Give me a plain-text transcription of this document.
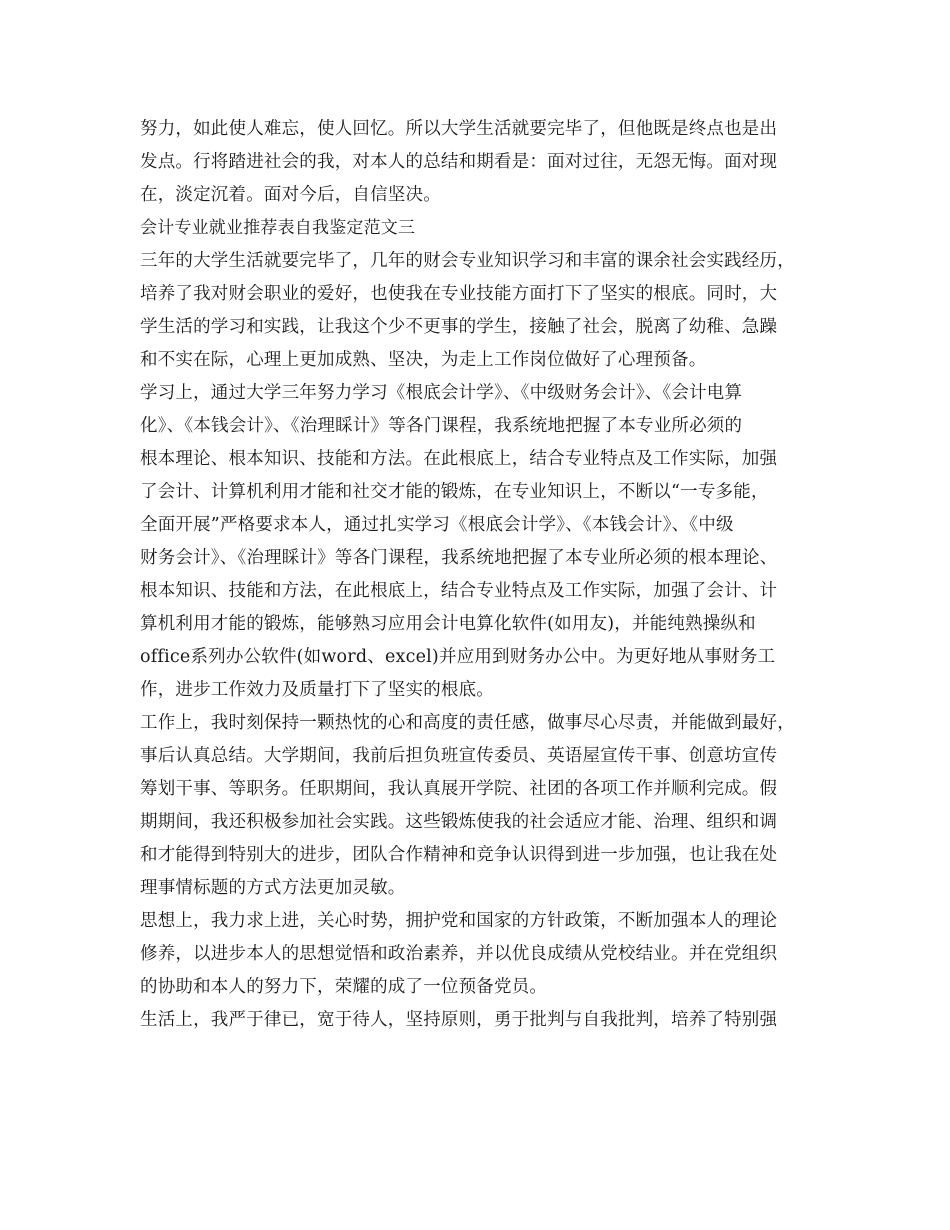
努力，如此使人难忘，使人回忆。所以大学生活就要完毕了，但他既是终点也是出
发点。行将踏进社会的我，对本人的总结和期看是：面对过往，无怨无悔。面对现
在，淡定沉着。面对今后，自信坚决。
会计专业就业推荐表自我鉴定范文三
三年的大学生活就要完毕了，几年的财会专业知识学习和丰富的课余社会实践经历，
培养了我对财会职业的爱好，也使我在专业技能方面打下了坚实的根底。同时，大
学生活的学习和实践，让我这个少不更事的学生，接触了社会，脱离了幼稚、急躁
和不实在际，心理上更加成熟、坚决，为走上工作岗位做好了心理预备。
学习上，通过大学三年努力学习《根底会计学》、《中级财务会计》、《会计电算
化》、《本钱会计》、《治理睬计》等各门课程，我系统地把握了本专业所必须的
根本理论、根本知识、技能和方法。在此根底上，结合专业特点及工作实际，加强
了会计、计算机利用才能和社交才能的锻炼，在专业知识上，不断以“一专多能，
全面开展”严格要求本人，通过扎实学习《根底会计学》、《本钱会计》、《中级
财务会计》、《治理睬计》等各门课程，我系统地把握了本专业所必须的根本理论、
根本知识、技能和方法，在此根底上，结合专业特点及工作实际，加强了会计、计
算机利用才能的锻炼，能够熟习应用会计电算化软件(如用友)，并能纯熟操纵和
office系列办公软件(如word、excel)并应用到财务办公中。为更好地从事财务工
作，进步工作效力及质量打下了坚实的根底。
工作上，我时刻保持一颗热忱的心和高度的责任感，做事尽心尽责，并能做到最好，
事后认真总结。大学期间，我前后担负班宣传委员、英语屋宣传干事、创意坊宣传
筹划干事、等职务。任职期间，我认真展开学院、社团的各项工作并顺利完成。假
期期间，我还积极参加社会实践。这些锻炼使我的社会适应才能、治理、组织和调
和才能得到特别大的进步，团队合作精神和竞争认识得到进一步加强，也让我在处
理事情标题的方式方法更加灵敏。
思想上，我力求上进，关心时势，拥护党和国家的方针政策，不断加强本人的理论
修养，以进步本人的思想觉悟和政治素养，并以优良成绩从党校结业。并在党组织
的协助和本人的努力下，荣耀的成了一位预备党员。
生活上，我严于律已，宽于待人，坚持原则，勇于批判与自我批判，培养了特别强
